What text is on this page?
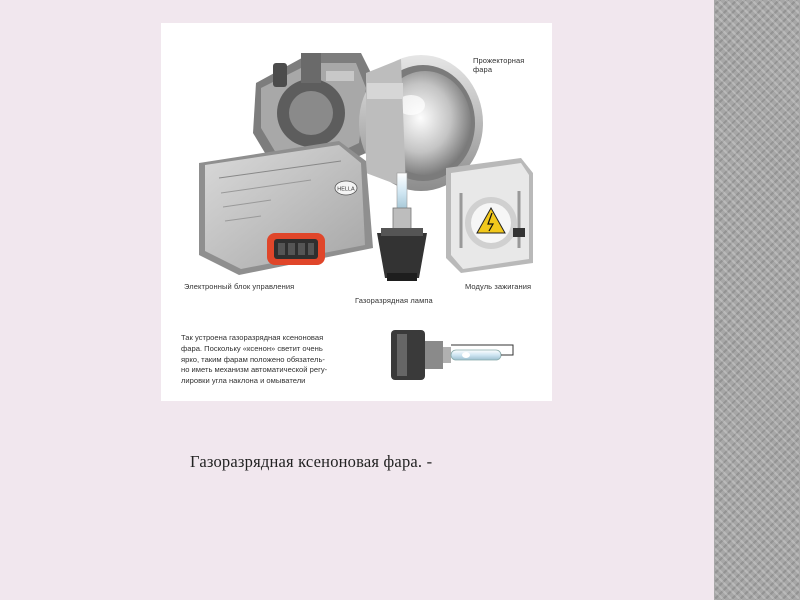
HELLA
Прожекторная фара
Электронный блок управления
Газоразрядная лампа
Модуль зажигания
Так устроена газоразрядная ксеноновая
фара. Поскольку «ксенон» светит очень
ярко, таким фарам положено обязатель-
но иметь механизм автоматической регу-
лировки угла наклона и омыватели
Газоразрядная ксеноновая фара. -
